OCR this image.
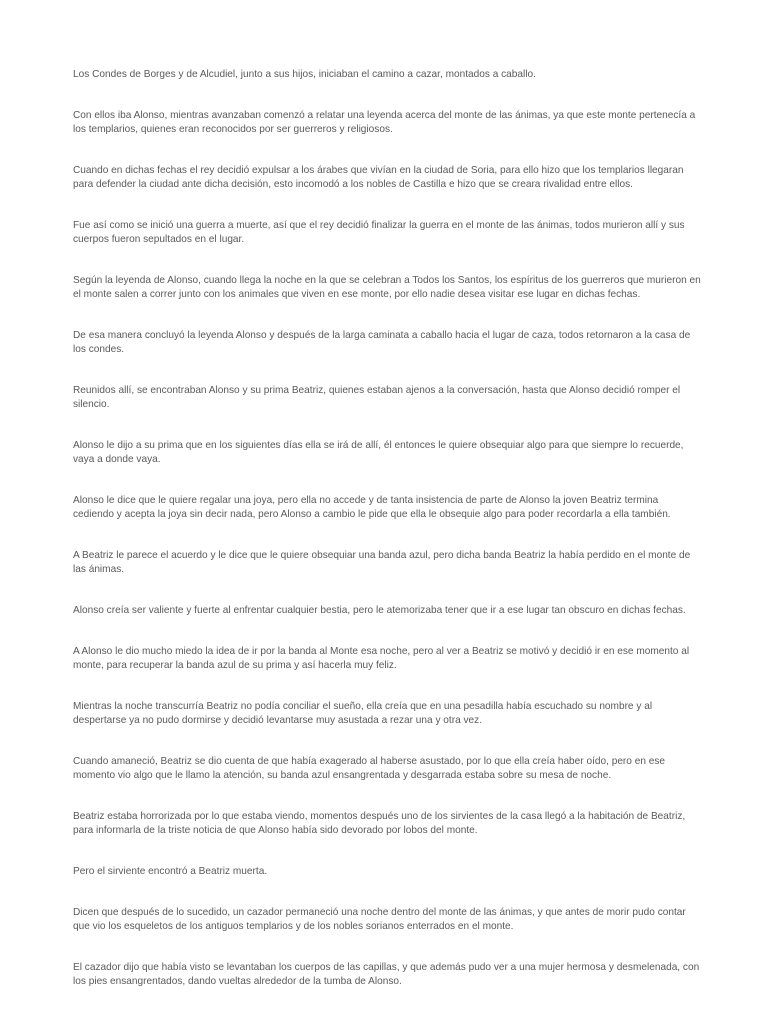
Los Condes de Borges y de Alcudiel, junto a sus hijos, iniciaban el camino a cazar, montados a caballo.

Con ellos iba Alonso, mientras avanzaban comenzó a relatar una leyenda acerca del monte de las ánimas, ya que este monte pertenecía a los templarios, quienes eran reconocidos por ser guerreros y religiosos.

Cuando en dichas fechas el rey decidió expulsar a los árabes que vivían en la ciudad de Soria, para ello hizo que los templarios llegaran para defender la ciudad ante dicha decisión, esto incomodó a los nobles de Castilla e hizo que se creara rivalidad entre ellos.

Fue así como se inició una guerra a muerte, así que el rey decidió finalizar la guerra en el monte de las ánimas, todos murieron allí y sus cuerpos fueron sepultados en el lugar.

Según la leyenda de Alonso, cuando llega la noche en la que se celebran a Todos los Santos, los espíritus de los guerreros que murieron en el monte salen a correr junto con los animales que viven en ese monte, por ello nadie desea visitar ese lugar en dichas fechas.

De esa manera concluyó la leyenda Alonso y después de la larga caminata a caballo hacia el lugar de caza, todos retornaron a la casa de los condes.

Reunidos allí, se encontraban Alonso y su prima Beatriz, quienes estaban ajenos a la conversación, hasta que Alonso decidió romper el silencio.

Alonso le dijo a su prima que en los siguientes días ella se irá de allí, él entonces le quiere obsequiar algo para que siempre lo recuerde, vaya a donde vaya.

Alonso le dice que le quiere regalar una joya, pero ella no accede y de tanta insistencia de parte de Alonso la joven Beatriz termina cediendo y acepta la joya sin decir nada, pero Alonso a cambio le pide que ella le obsequie algo para poder recordarla a ella también.

A Beatriz le parece el acuerdo y le dice que le quiere obsequiar una banda azul, pero dicha banda Beatriz la había perdido en el monte de las ánimas.

Alonso creía ser valiente y fuerte al enfrentar cualquier bestia, pero le atemorizaba tener que ir a ese lugar tan obscuro en dichas fechas.

A Alonso le dio mucho miedo la idea de ir por la banda al Monte esa noche, pero al ver a Beatriz se motivó y decidió ir en ese momento al monte, para recuperar la banda azul de su prima y así hacerla muy feliz.

Mientras la noche transcurría Beatriz no podía conciliar el sueño, ella creía que en una pesadilla había escuchado su nombre y al despertarse ya no pudo dormirse y decidió levantarse muy asustada a rezar una y otra vez.

Cuando amaneció, Beatriz se dio cuenta de que había exagerado al haberse asustado, por lo que ella creía haber oído, pero en ese momento vio algo que le llamo la atención, su banda azul ensangrentada y desgarrada estaba sobre su mesa de noche.

Beatriz estaba horrorizada por lo que estaba viendo, momentos después uno de los sirvientes de la casa llegó a la habitación de Beatriz, para informarla de la triste noticia de que Alonso había sido devorado por lobos del monte.

Pero el sirviente encontró a Beatriz muerta.

Dicen que después de lo sucedido, un cazador permaneció una noche dentro del monte de las ánimas, y que antes de morir pudo contar que vio los esqueletos de los antiguos templarios y de los nobles sorianos enterrados en el monte.

El cazador dijo que había visto se levantaban los cuerpos de las capillas, y que además pudo ver a una mujer hermosa y desmelenada, con los pies ensangrentados, dando vueltas alrededor de la tumba de Alonso.
